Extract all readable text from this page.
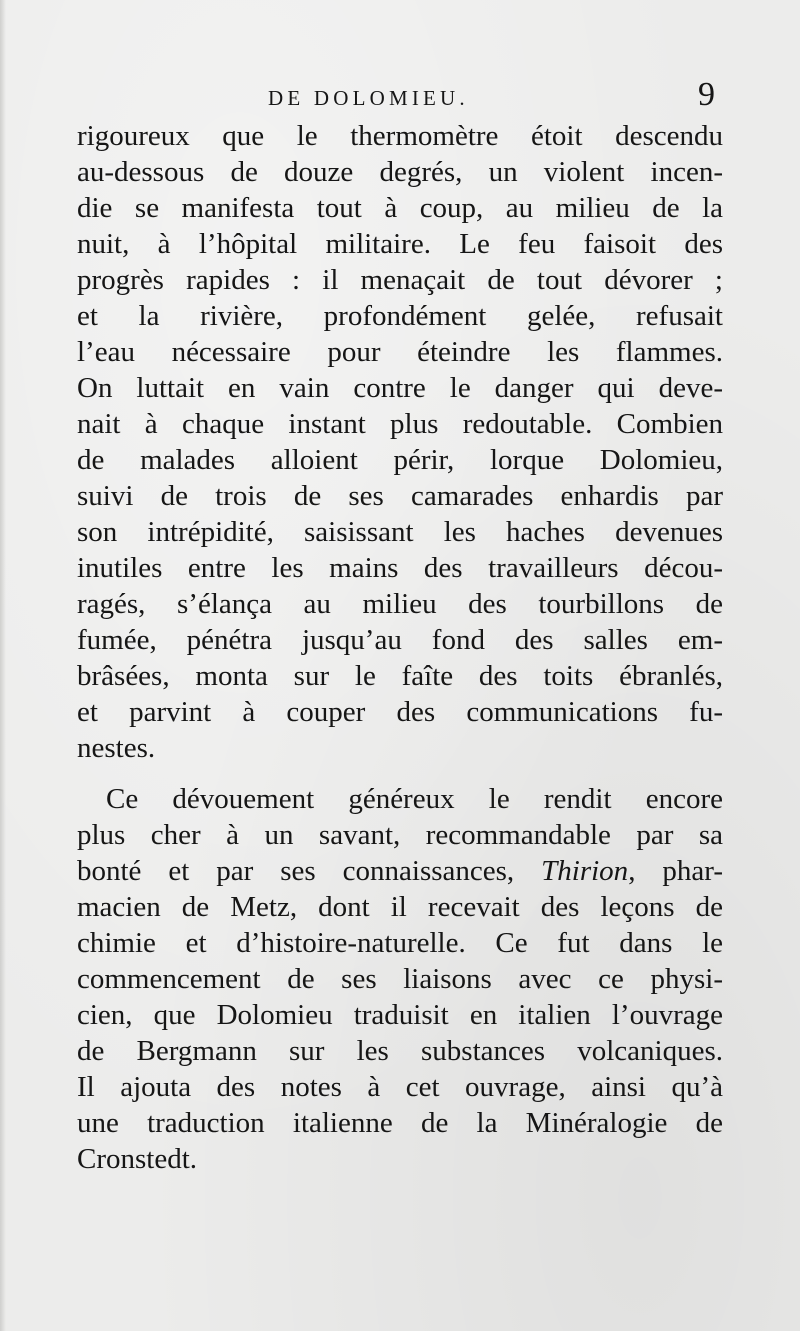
DE DOLOMIEU.	9
rigoureux que le thermomètre étoit descendu
au-dessous de douze degrés, un violent incen-
die se manifesta tout à coup, au milieu de la
nuit, à l’hôpital militaire. Le feu faisoit des
progrès rapides : il menaçait de tout dévorer ;
et la rivière, profondément gelée, refusait
l’eau nécessaire pour éteindre les flammes.
On luttait en vain contre le danger qui deve-
nait à chaque instant plus redoutable. Combien
de malades alloient périr, lorque Dolomieu,
suivi de trois de ses camarades enhardis par
son intrépidité, saisissant les haches devenues
inutiles entre les mains des travailleurs décou-
ragés, s’élança au milieu des tourbillons de
fumée, pénétra jusqu’au fond des salles em-
brâsées, monta sur le faîte des toits ébranlés,
et parvint à couper des communications fu-
nestes.
Ce dévouement généreux le rendit encore
plus cher à un savant, recommandable par sa
bonté et par ses connaissances, Thirion, phar-
macien de Metz, dont il recevait des leçons de
chimie et d’histoire-naturelle. Ce fut dans le
commencement de ses liaisons avec ce physi-
cien, que Dolomieu traduisit en italien l’ouvrage
de Bergmann sur les substances volcaniques.
Il ajouta des notes à cet ouvrage, ainsi qu’à
une traduction italienne de la Minéralogie de
Cronstedt.
